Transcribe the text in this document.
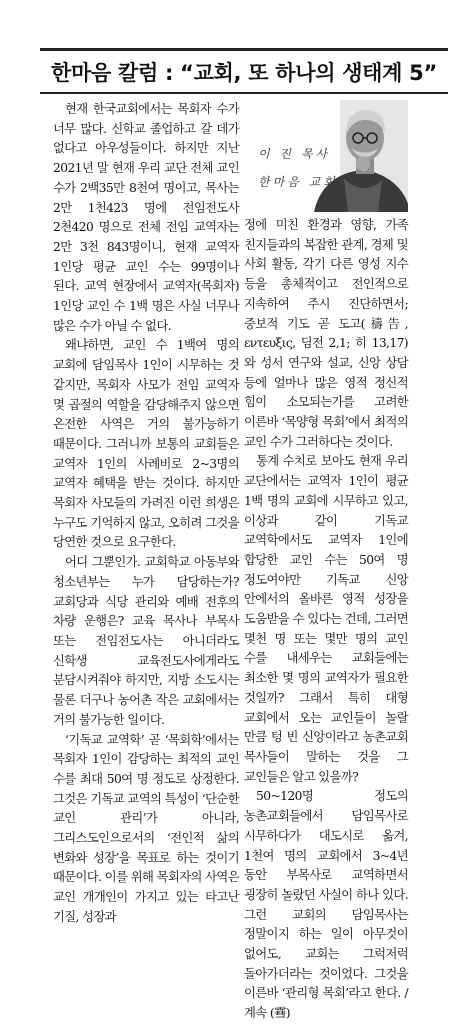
한마음 칼럼 : “교회, 또 하나의 생태계 5”

현재 한국교회에서는 목회자 수가 너무 많다. 신학교 졸업하고 갈 데가 없다고 아우성들이다. 하지만 지난 2021년 말 현재 우리 교단 전체 교인 수가 2백35만 8천여 명이고, 목사는 2만 1천423 명에 전임전도사 2천420 명으로 전체 전임 교역자는 2만 3천 843명이니, 현재 교역자 1인당 평균 교인 수는 99명이나 된다. 교역 현장에서 교역자(목회자) 1인당 교인 수 1백 명은 사실 너무나 많은 수가 아닐 수 없다.

왜냐하면, 교인 수 1백여 명의 교회에 담임목사 1인이 시무하는 것 같지만, 목회자 사모가 전임 교역자 몇 곱절의 역할을 감당해주지 않으면 온전한 사역은 거의 불가능하기 때문이다. 그러니까 보통의 교회들은 교역자 1인의 사례비로 2~3명의 교역자 혜택을 받는 것이다. 하지만 목회자 사모들의 가려진 이런 희생은 누구도 기억하지 않고, 오히려 그것을 당연한 것으로 요구한다.

어디 그뿐인가. 교회학교 아동부와 청소년부는 누가 담당하는가? 교회당과 식당 관리와 예배 전후의 차량 운행은? 교육 목사나 부목사 또는 전임전도사는 아니더라도 신학생 교육전도사에게라도 분담시켜줘야 하지만, 지방 소도시는 물론 더구나 농어촌 작은 교회에서는 거의 불가능한 일이다.

‘기독교 교역학’ 곧 ‘목회학’에서는 목회자 1인이 감당하는 최적의 교인 수를 최대 50여 명 정도로 상정한다. 그것은 기독교 교역의 특성이 ‘단순한 교인 관리’가 아니라, 그리스도인으로서의 ‘전인적 삶의 변화와 성장’을 목표로 하는 것이기 때문이다. 이를 위해 목회자의 사역은 교인 개개인이 가지고 있는 타고난 기질, 성장과

이 진 목사
한마음 교회

정에 미친 환경과 영향, 가족 친지들과의 복잡한 관계, 경제 및 사회 활동, 각기 다른 영성 지수 등을 총체적이고 전인적으로 지속하여 주시 진단하면서; 중보적 기도 곧 도고(禱告, εντευξις, 딤전 2,1; 히 13,17)와 성서 연구와 설교, 신앙 상담 등에 얼마나 많은 영적 정신적 힘이 소모되는가를 고려한 이른바 ‘목양형 목회’에서 최적의 교인 수가 그러하다는 것이다.

통계 수치로 보아도 현재 우리 교단에서는 교역자 1인이 평균 1백 명의 교회에 시무하고 있고, 이상과 같이 기독교 교역학에서도 교역자 1인에 합당한 교인 수는 50여 명 정도여야만 기독교 신앙 안에서의 올바른 영적 성장을 도움받을 수 있다는 건데, 그러면 몇천 명 또는 몇만 명의 교인 수를 내세우는 교회들에는 최소한 몇 명의 교역자가 필요한 것일까? 그래서 특히 대형 교회에서 오는 교인들이 놀랄 만큼 텅 빈 신앙이라고 농촌교회 목사들이 말하는 것을 그 교인들은 알고 있을까?

50~120명 정도의 농촌교회들에서 담임목사로 시무하다가 대도시로 옮겨, 1천여 명의 교회에서 3~4년 동안 부목사로 교역하면서 굉장히 놀랐던 사실이 하나 있다. 그런 교회의 담임목사는 정말이지 하는 일이 아무것이 없어도, 교회는 그럭저럭 돌아가더라는 것이었다. 그것을 이른바 ‘관리형 목회’라고 한다. /계속 (䨮)
